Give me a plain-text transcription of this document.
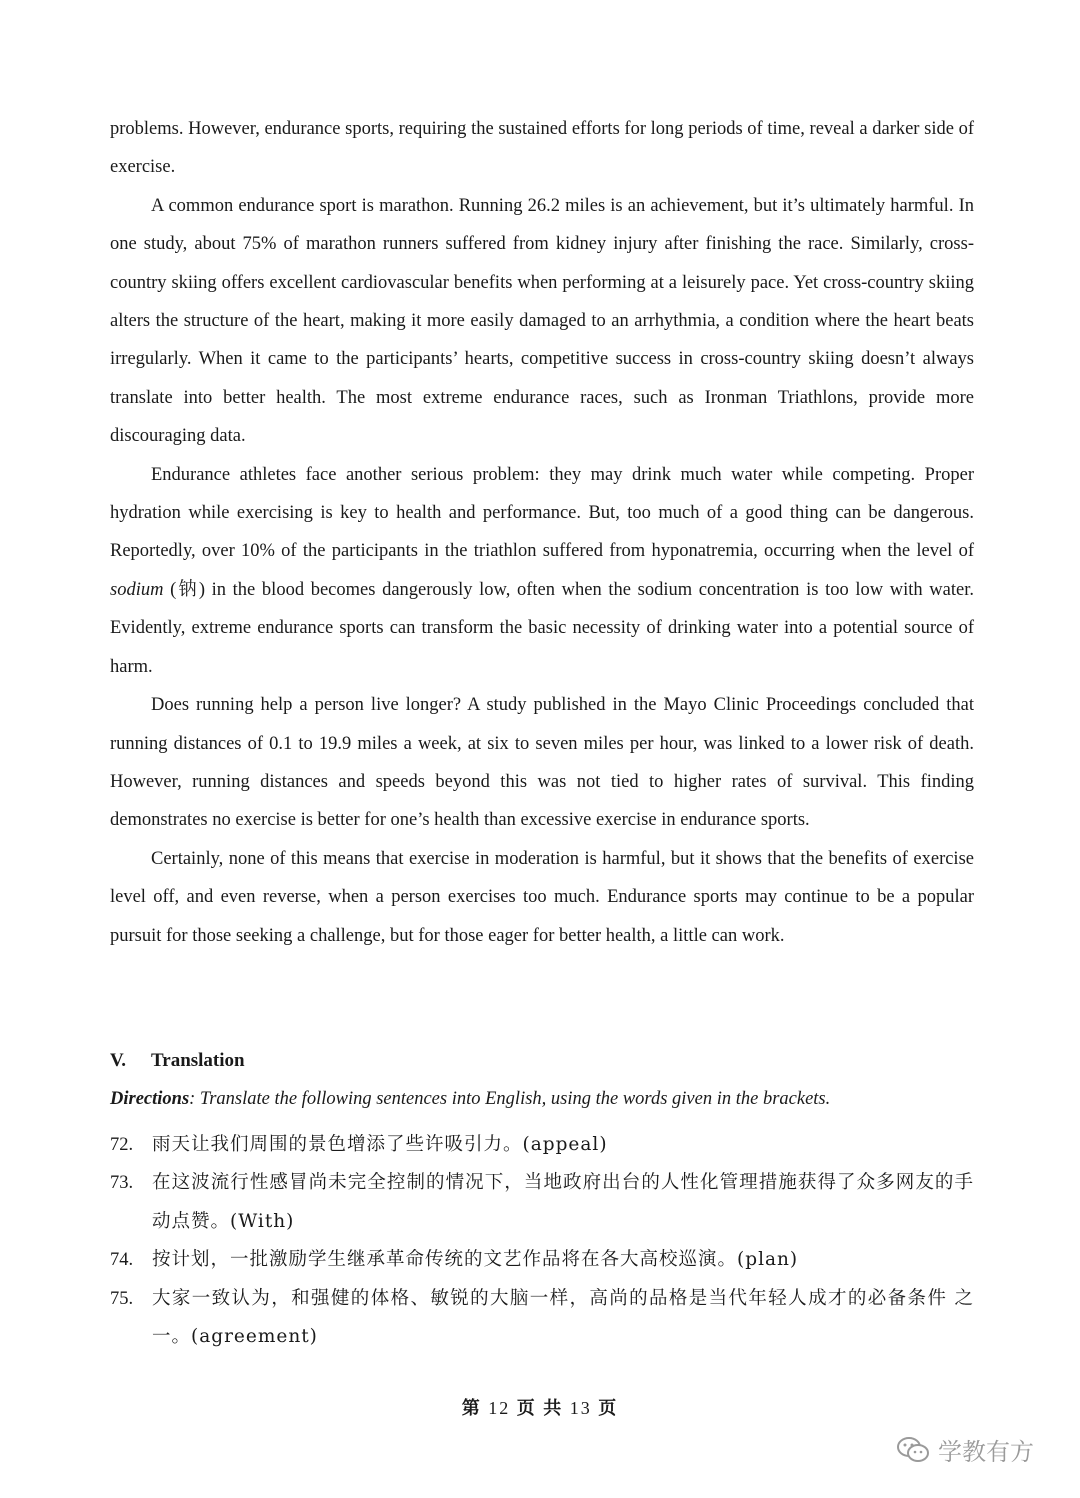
problems. However, endurance sports, requiring the sustained efforts for long periods of time, reveal a darker side of exercise.

A common endurance sport is marathon. Running 26.2 miles is an achievement, but it’s ultimately harmful. In one study, about 75% of marathon runners suffered from kidney injury after finishing the race. Similarly, cross-country skiing offers excellent cardiovascular benefits when performing at a leisurely pace. Yet cross-country skiing alters the structure of the heart, making it more easily damaged to an arrhythmia, a condition where the heart beats irregularly. When it came to the participants’ hearts, competitive success in cross-country skiing doesn’t always translate into better health. The most extreme endurance races, such as Ironman Triathlons, provide more discouraging data.

Endurance athletes face another serious problem: they may drink much water while competing. Proper hydration while exercising is key to health and performance. But, too much of a good thing can be dangerous. Reportedly, over 10% of the participants in the triathlon suffered from hyponatremia, occurring when the level of sodium (钠) in the blood becomes dangerously low, often when the sodium concentration is too low with water. Evidently, extreme endurance sports can transform the basic necessity of drinking water into a potential source of harm.

Does running help a person live longer? A study published in the Mayo Clinic Proceedings concluded that running distances of 0.1 to 19.9 miles a week, at six to seven miles per hour, was linked to a lower risk of death. However, running distances and speeds beyond this was not tied to higher rates of survival. This finding demonstrates no exercise is better for one’s health than excessive exercise in endurance sports.

Certainly, none of this means that exercise in moderation is harmful, but it shows that the benefits of exercise level off, and even reverse, when a person exercises too much. Endurance sports may continue to be a popular pursuit for those seeking a challenge, but for those eager for better health, a little can work.

V. Translation
Directions: Translate the following sentences into English, using the words given in the brackets.
72.	雨天让我们周围的景色增添了些许吸引力。(appeal)
73.	在这波流行性感冒尚未完全控制的情况下，当地政府出台的人性化管理措施获得了众多网友的手动点赞。(With)
74.	按计划，一批激励学生继承革命传统的文艺作品将在各大高校巡演。(plan)
75.	大家一致认为，和强健的体格、敏锐的大脑一样，高尚的品格是当代年轻人成才的必备条件 之一。(agreement)
第 12 页 共 13 页
学教有方
